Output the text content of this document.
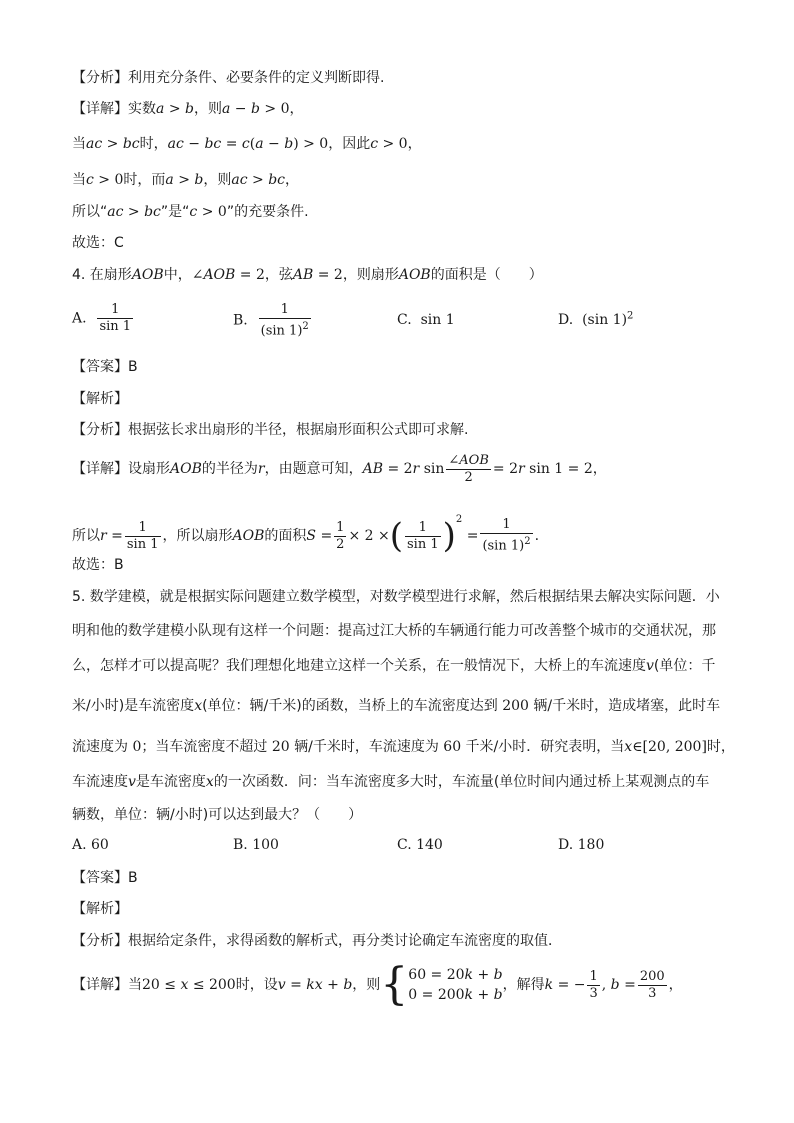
【分析】利用充分条件、必要条件的定义判断即得.
【详解】实数a > b，则a − b > 0，
当ac > bc时，ac − bc = c(a − b) > 0，因此c > 0，
当c > 0时，而a > b，则ac > bc，
所以“ac > bc”是“c > 0”的充要条件.
故选：C
4. 在扇形AOB中，∠AOB = 2，弦AB = 2，则扇形AOB的面积是（　　）
A. $\frac{1}{\sin 1}$	B. $\frac{1}{(\sin 1)^2}$	C.  sin 1	D.  (sin 1)$^2$
【答案】B
【解析】
【分析】根据弦长求出扇形的半径，根据扇形面积公式即可求解.
【详解】设扇形AOB的半径为r，由题意可知，AB = 2r $\sin \frac{\text{∠AOB}}{2} = 2r$ sin 1 = 2，
所以$r = \frac{1}{\sin 1}$ ，所以扇形AOB的面积$S = \frac{1}{2} \times 2$ ×( $\frac{1}{\sin 1} )^2 = \frac{1}{(\sin 1)^2}$ .
故选：B
5. 数学建模，就是根据实际问题建立数学模型，对数学模型进行求解，然后根据结果去解决实际问题．小
明和他的数学建模小队现有这样一个问题：提高过江大桥的车辆通行能力可改善整个城市的交通状况，那
么，怎样才可以提高呢？我们理想化地建立这样一个关系，在一般情况下，大桥上的车流速度v(单位：千
米/小时)是车流密度x(单位：辆/千米)的函数，当桥上的车流密度达到 200 辆/千米时，造成堵塞，此时车
流速度为 0；当车流密度不超过 20 辆/千米时，车流速度为 60 千米/小时．研究表明，当x∈[20, 200]时，
车流速度v是车流密度x的一次函数．问：当车流密度多大时，车流量(单位时间内通过桥上某观测点的车
辆数，单位：辆/小时)可以达到最大？（　　）
A. 60	B. 100	C. 140	D. 180
【答案】B
【解析】
【分析】根据给定条件，求得函数的解析式，再分类讨论确定车流密度的取值．
【详解】当20 ≤ x ≤ 200时，设v = kx + b，则{60 = 20k + b
0 = 200k + b，解得k = − $\frac{1}{3}$ , $b = \frac{200}{3}$ ，
